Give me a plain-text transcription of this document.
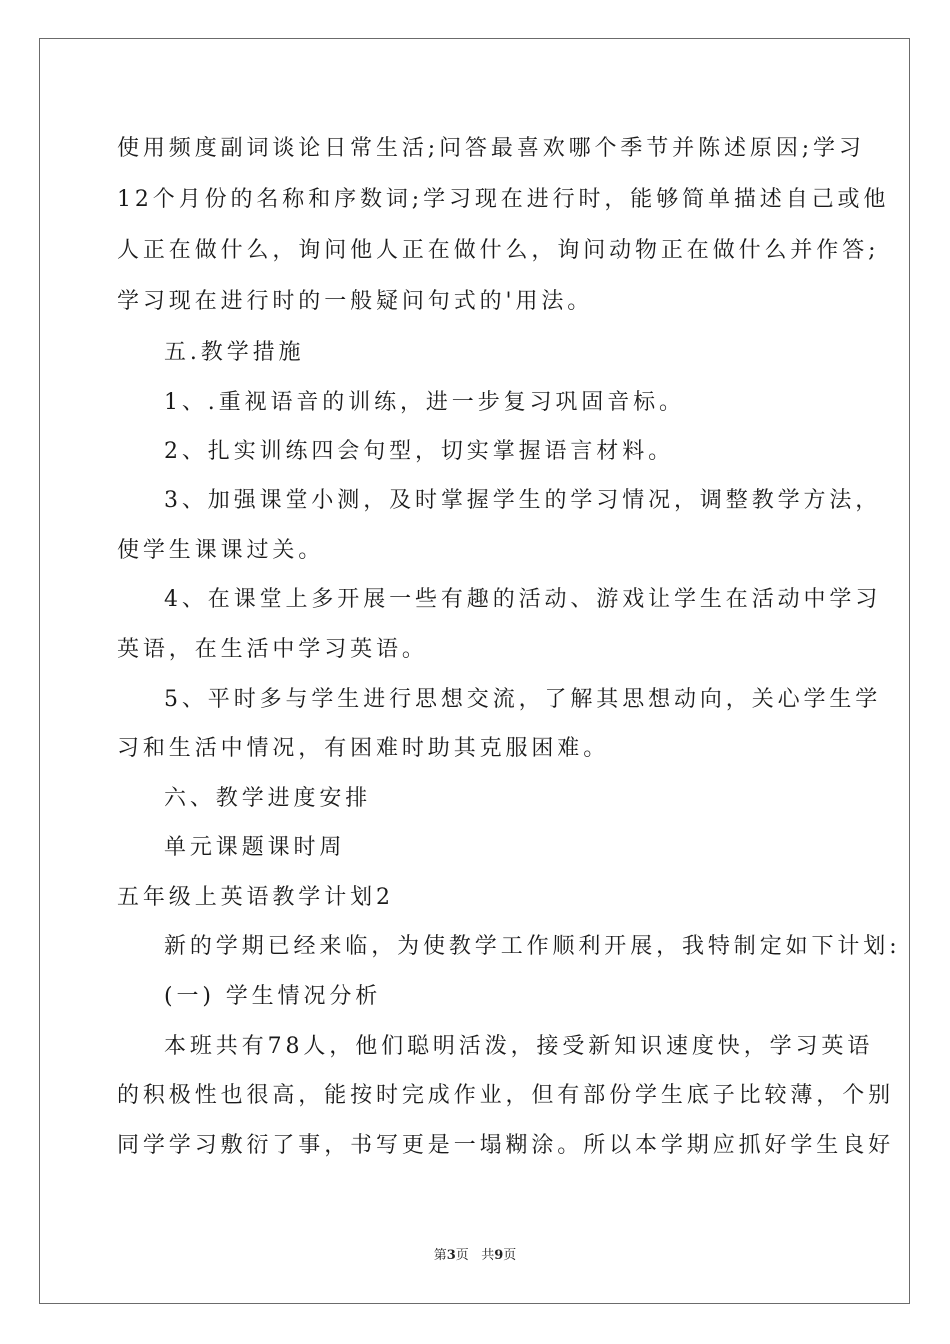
使用频度副词谈论日常生活;问答最喜欢哪个季节并陈述原因;学习
12个月份的名称和序数词;学习现在进行时，能够简单描述自己或他
人正在做什么，询问他人正在做什么，询问动物正在做什么并作答;
学习现在进行时的一般疑问句式的'用法。
五.教学措施
1、.重视语音的训练，进一步复习巩固音标。
2、扎实训练四会句型，切实掌握语言材料。
3、加强课堂小测，及时掌握学生的学习情况，调整教学方法，
使学生课课过关。
4、在课堂上多开展一些有趣的活动、游戏让学生在活动中学习
英语，在生活中学习英语。
5、平时多与学生进行思想交流，了解其思想动向，关心学生学
习和生活中情况，有困难时助其克服困难。
六、教学进度安排
单元课题课时周
五年级上英语教学计划2
新的学期已经来临，为使教学工作顺利开展，我特制定如下计划:
(一) 学生情况分析
本班共有78人，他们聪明活泼，接受新知识速度快，学习英语
的积极性也很高，能按时完成作业，但有部份学生底子比较薄，个别
同学学习敷衍了事，书写更是一塌糊涂。所以本学期应抓好学生良好
第3页   共9页
